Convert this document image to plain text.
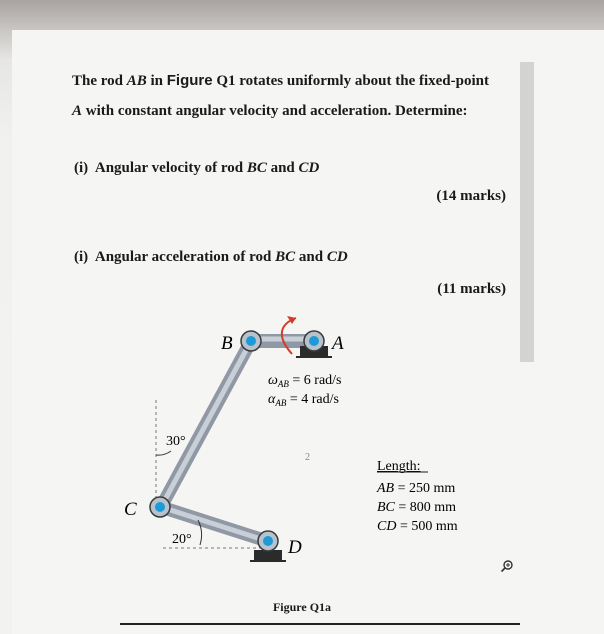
The rod AB in Figure Q1 rotates uniformly about the fixed-point
A with constant angular velocity and acceleration. Determine:
(i) Angular velocity of rod BC and CD
(14 marks)
(i) Angular acceleration of rod BC and CD
(11 marks)
B	A
C
D
30°
20°
2
$\omega_{AB} = 6$ rad/s
$\alpha_{AB} = 4$ rad/s
Length:
AB = 250 mm
BC = 800 mm
CD = 500 mm
Figure Q1a
